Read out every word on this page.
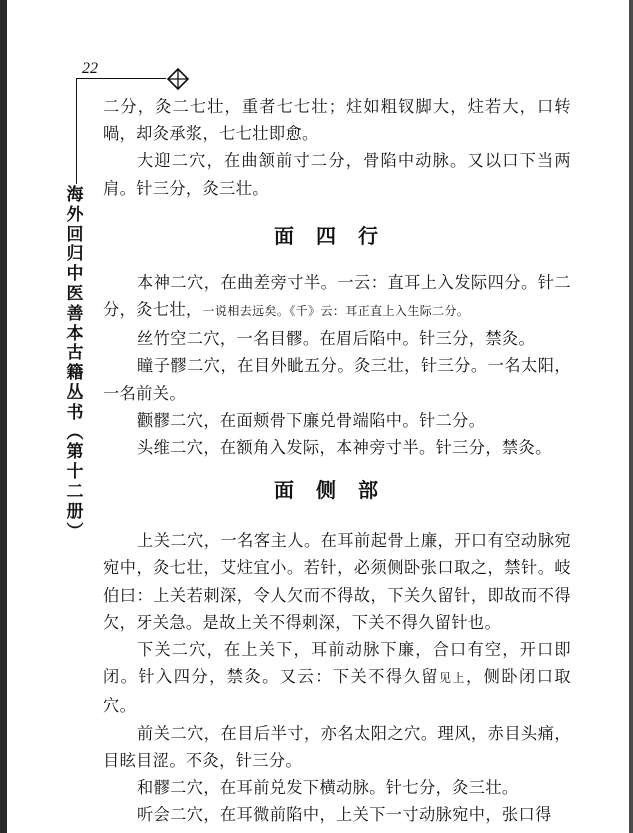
22
海
外
回
归
中
医
善
本
古
籍
丛
书
︵
第
十
二
册
︶

二分，灸二七壮，重者七七壮；炷如粗钗脚大，炷若大，口转喎，却灸承浆，七七壮即愈。

大迎二穴，在曲颔前寸二分，骨陷中动脉。又以口下当两肩。针三分，灸三壮。

面四行

本神二穴，在曲差旁寸半。一云：直耳上入发际四分。针二分，灸七壮，一说相去远矣。《千》云：耳正直上入生际二分。

丝竹空二穴，一名目髎。在眉后陷中。针三分，禁灸。

瞳子髎二穴，在目外眦五分。灸三壮，针三分。一名太阳，一名前关。

颧髎二穴，在面颊骨下廉兑骨端陷中。针二分。

头维二穴，在额角入发际，本神旁寸半。针三分，禁灸。

面侧部

上关二穴，一名客主人。在耳前起骨上廉，开口有空动脉宛宛中，灸七壮，艾炷宜小。若针，必须侧卧张口取之，禁针。岐伯曰：上关若刺深，令人欠而不得故，下关久留针，即故而不得欠，牙关急。是故上关不得刺深，下关不得久留针也。

下关二穴，在上关下，耳前动脉下廉，合口有空，开口即闭。针入四分，禁灸。又云：下关不得久留见上，侧卧闭口取穴。

前关二穴，在目后半寸，亦名太阳之穴。理风，赤目头痛，目眩目涩。不灸，针三分。

和髎二穴，在耳前兑发下横动脉。针七分，灸三壮。

听会二穴，在耳微前陷中，上关下一寸动脉宛中，张口得
